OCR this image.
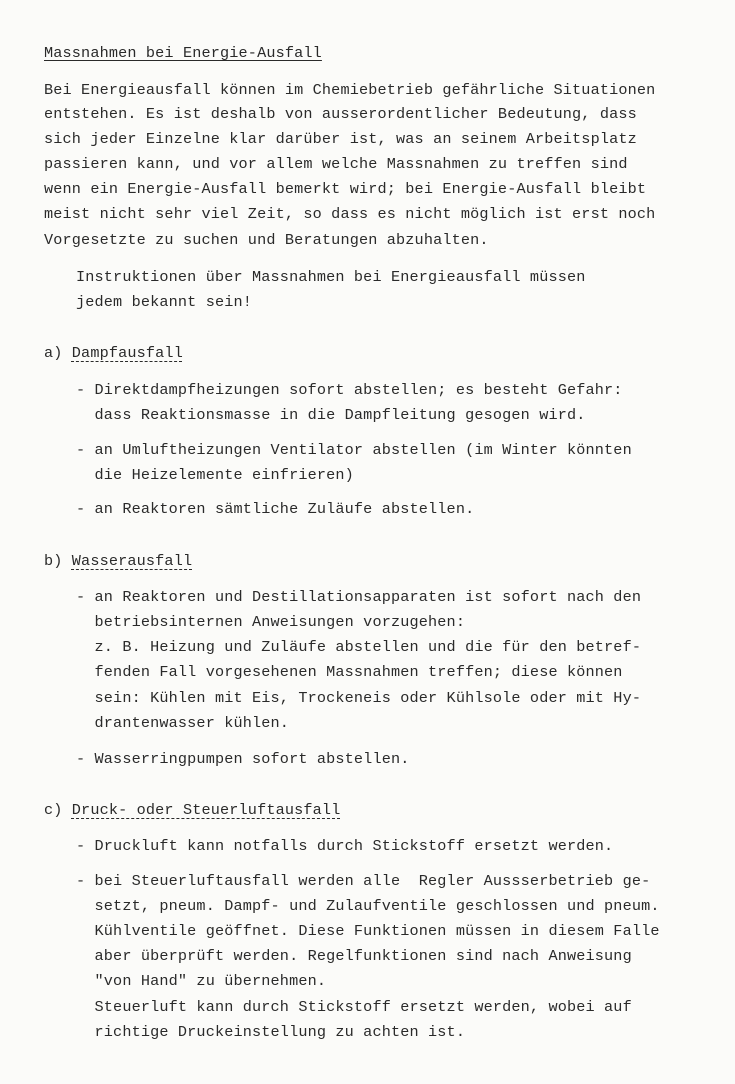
Massnahmen bei Energie-Ausfall
Bei Energieausfall können im Chemiebetrieb gefährliche Situationen
entstehen. Es ist deshalb von ausserordentlicher Bedeutung, dass
sich jeder Einzelne klar darüber ist, was an seinem Arbeitsplatz
passieren kann, und vor allem welche Massnahmen zu treffen sind
wenn ein Energie-Ausfall bemerkt wird; bei Energie-Ausfall bleibt
meist nicht sehr viel Zeit, so dass es nicht möglich ist erst noch
Vorgesetzte zu suchen und Beratungen abzuhalten.
Instruktionen über Massnahmen bei Energieausfall müssen
jedem bekannt sein!
a) Dampfausfall
- Direktdampfheizungen sofort abstellen; es besteht Gefahr:
dass Reaktionsmasse in die Dampfleitung gesogen wird.
- an Umluftheizungen Ventilator abstellen (im Winter könnten
die Heizelemente einfrieren)
- an Reaktoren sämtliche Zuläufe abstellen.
b) Wasserausfall
- an Reaktoren und Destillationsapparaten ist sofort nach den
betriebsinternen Anweisungen vorzugehen:
z. B. Heizung und Zuläufe abstellen und die für den betref-
fenden Fall vorgesehenen Massnahmen treffen; diese können
sein: Kühlen mit Eis, Trockeneis oder Kühlsole oder mit Hy-
drantenwasser kühlen.
- Wasserringpumpen sofort abstellen.
c) Druck- oder Steuerluftausfall
- Druckluft kann notfalls durch Stickstoff ersetzt werden.
- bei Steuerluftausfall werden alle  Regler Aussserbetrieb ge-
setzt, pneum. Dampf- und Zulaufventile geschlossen und pneum.
Kühlventile geöffnet. Diese Funktionen müssen in diesem Falle
aber überprüft werden. Regelfunktionen sind nach Anweisung
"von Hand" zu übernehmen.
Steuerluft kann durch Stickstoff ersetzt werden, wobei auf
richtige Druckeinstellung zu achten ist.
